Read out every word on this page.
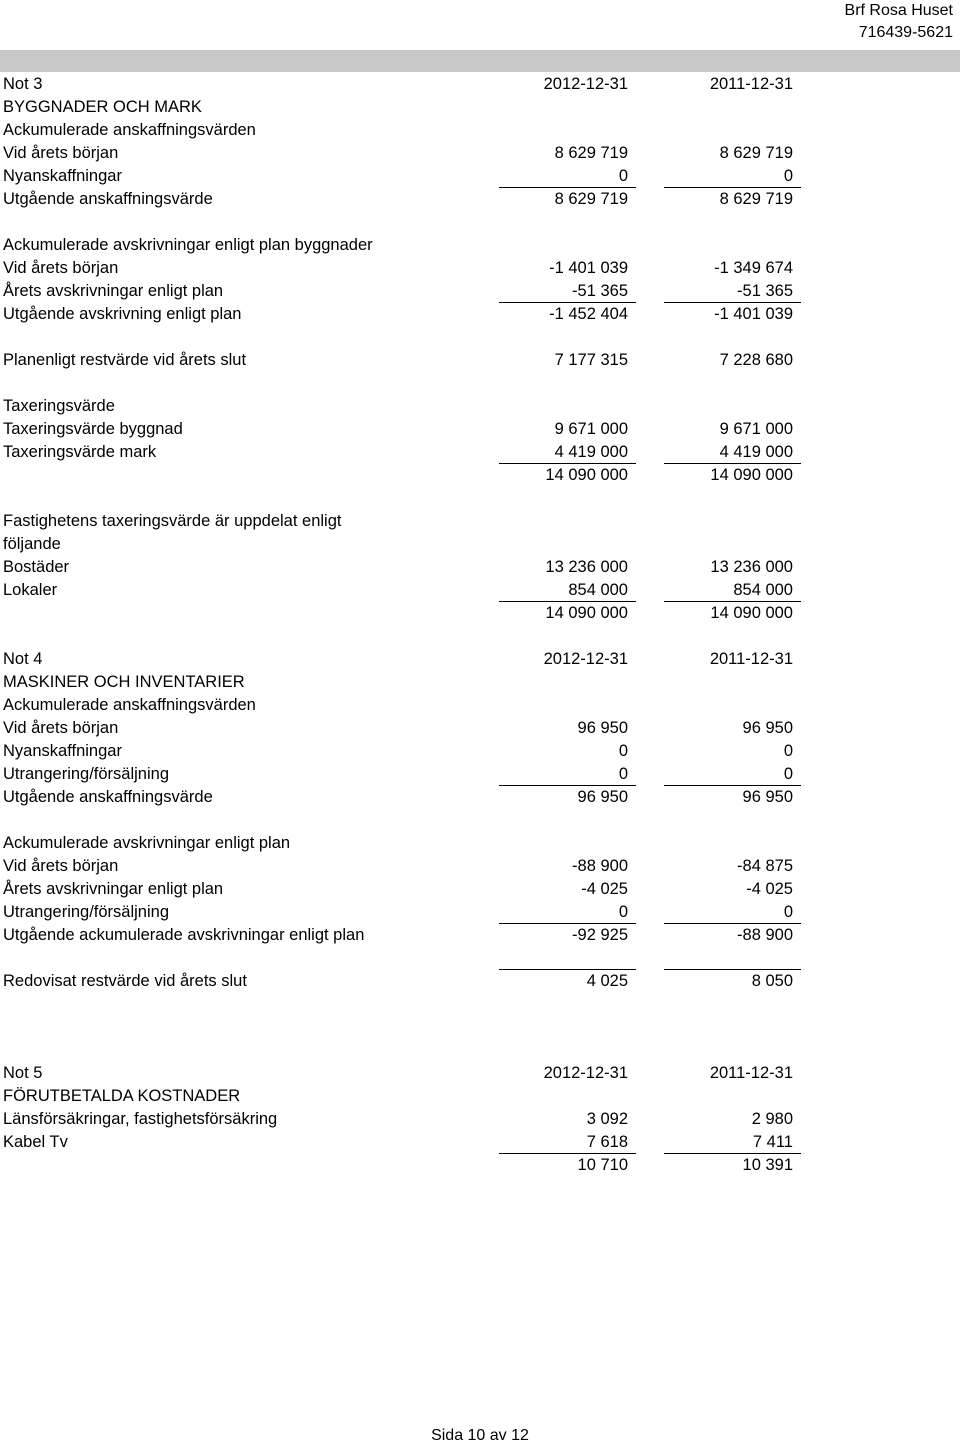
Brf Rosa Huset
716439-5621
Not 3	2012-12-31	2011-12-31
BYGGNADER OCH MARK
Ackumulerade anskaffningsvärden
Vid årets början	8 629 719	8 629 719
Nyanskaffningar	0	0
Utgående anskaffningsvärde	8 629 719	8 629 719
Ackumulerade avskrivningar enligt plan byggnader
Vid årets början	-1 401 039	-1 349 674
Årets avskrivningar enligt plan	-51 365	-51 365
Utgående avskrivning enligt plan	-1 452 404	-1 401 039
Planenligt restvärde vid årets slut	7 177 315	7 228 680
Taxeringsvärde
Taxeringsvärde byggnad	9 671 000	9 671 000
Taxeringsvärde mark	4 419 000	4 419 000
14 090 000	14 090 000
Fastighetens taxeringsvärde är uppdelat enligt
följande
Bostäder	13 236 000	13 236 000
Lokaler	854 000	854 000
14 090 000	14 090 000
Not 4	2012-12-31	2011-12-31
MASKINER OCH INVENTARIER
Ackumulerade anskaffningsvärden
Vid årets början	96 950	96 950
Nyanskaffningar	0	0
Utrangering/försäljning	0	0
Utgående anskaffningsvärde	96 950	96 950
Ackumulerade avskrivningar enligt plan
Vid årets början	-88 900	-84 875
Årets avskrivningar enligt plan	-4 025	-4 025
Utrangering/försäljning	0	0
Utgående ackumulerade avskrivningar enligt plan	-92 925	-88 900
Redovisat restvärde vid årets slut	4 025	8 050
Not 5	2012-12-31	2011-12-31
FÖRUTBETALDA KOSTNADER
Länsförsäkringar, fastighetsförsäkring	3 092	2 980
Kabel Tv	7 618	7 411
10 710	10 391
Sida 10 av 12
